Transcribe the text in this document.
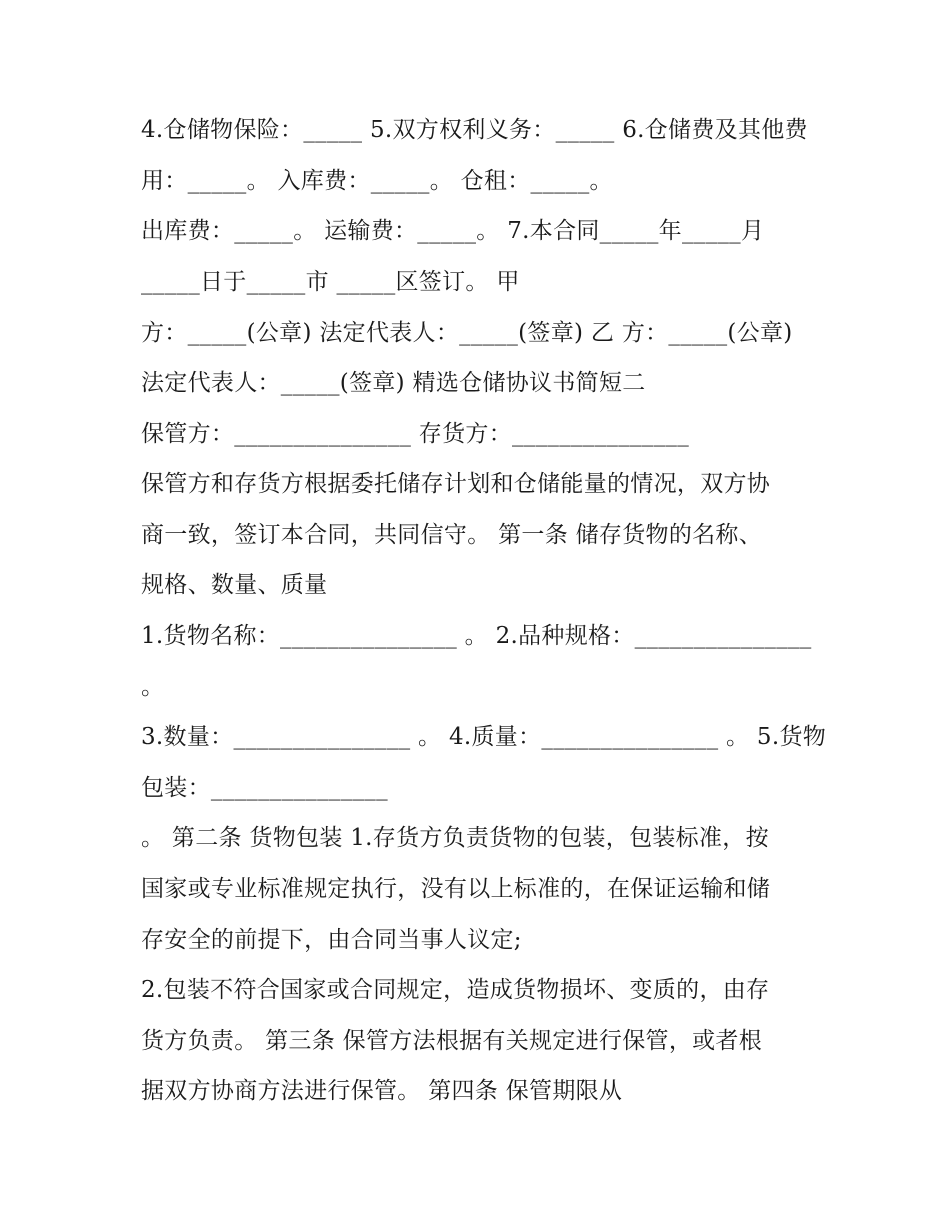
4.仓储物保险：_____ 5.双方权利义务：_____ 6.仓储费及其他费
用：_____。 入库费：_____。 仓租：_____。
出库费：_____。 运输费：_____。 7.本合同_____年_____月
_____日于_____市 _____区签订。 甲
方：_____(公章) 法定代表人：_____(签章) 乙 方：_____(公章)
法定代表人：_____(签章) 精选仓储协议书简短二
保管方：_______________ 存货方：_______________
保管方和存货方根据委托储存计划和仓储能量的情况，双方协
商一致，签订本合同，共同信守。 第一条 储存货物的名称、
规格、数量、质量
1.货物名称：_______________ 。 2.品种规格：_______________
。
3.数量：_______________ 。 4.质量：_______________ 。 5.货物
包装：_______________
。 第二条 货物包装 1.存货方负责货物的包装，包装标准，按
国家或专业标准规定执行，没有以上标准的，在保证运输和储
存安全的前提下，由合同当事人议定;
2.包装不符合国家或合同规定，造成货物损坏、变质的，由存
货方负责。 第三条 保管方法根据有关规定进行保管，或者根
据双方协商方法进行保管。 第四条 保管期限从
